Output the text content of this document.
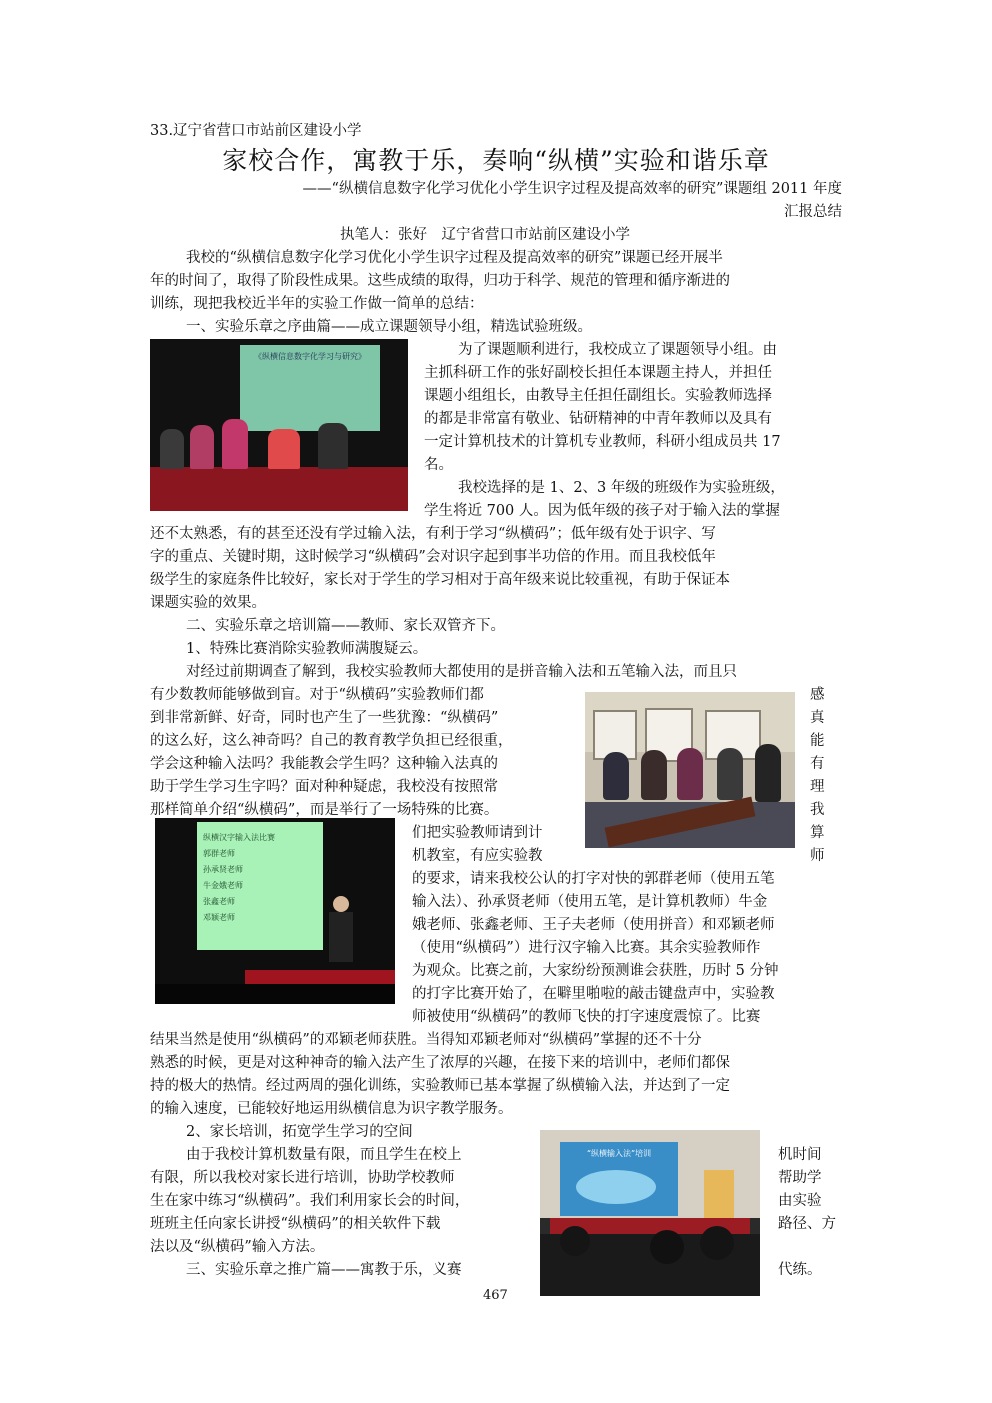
33.辽宁省营口市站前区建设小学
家校合作，寓教于乐，奏响“纵横”实验和谐乐章
——“纵横信息数字化学习优化小学生识字过程及提高效率的研究”课题组 2011 年度
汇报总结
执笔人：张好　辽宁省营口市站前区建设小学
我校的“纵横信息数字化学习优化小学生识字过程及提高效率的研究”课题已经开展半
年的时间了，取得了阶段性成果。这些成绩的取得，归功于科学、规范的管理和循序渐进的
训练，现把我校近半年的实验工作做一简单的总结：
一、实验乐章之序曲篇——成立课题领导小组，精选试验班级。
《纵横信息数字化学习与研究》	为了课题顺利进行，我校成立了课题领导小组。由
主抓科研工作的张好副校长担任本课题主持人，并担任
课题小组组长，由教导主任担任副组长。实验教师选择
的都是非常富有敬业、钻研精神的中青年教师以及具有
一定计算机技术的计算机专业教师，科研小组成员共 17
名。
我校选择的是 1、2、3 年级的班级作为实验班级，
学生将近 700 人。因为低年级的孩子对于输入法的掌握
还不太熟悉，有的甚至还没有学过输入法，有利于学习“纵横码”；低年级有处于识字、写
字的重点、关键时期，这时候学习“纵横码”会对识字起到事半功倍的作用。而且我校低年
级学生的家庭条件比较好，家长对于学生的学习相对于高年级来说比较重视，有助于保证本
课题实验的效果。
二、实验乐章之培训篇——教师、家长双管齐下。
1、特殊比赛消除实验教师满腹疑云。
对经过前期调查了解到，我校实验教师大都使用的是拼音输入法和五笔输入法，而且只
有少数教师能够做到盲。对于“纵横码”实验教师们都
到非常新鲜、好奇，同时也产生了一些犹豫：“纵横码”
的这么好，这么神奇吗？自己的教育教学负担已经很重，
学会这种输入法吗？我能教会学生吗？这种输入法真的
助于学生学习生字吗？面对种种疑虑，我校没有按照常
那样简单介绍“纵横码”，而是举行了一场特殊的比赛。
感
真
能
有
理
我
算
师
纵横汉字输入法比赛
郭群老师
孙承贤老师
牛金娥老师
张鑫老师
邓颖老师
们把实验教师请到计
机教室，有应实验教
的要求，请来我校公认的打字对快的郭群老师（使用五笔
输入法）、孙承贤老师（使用五笔，是计算机教师）牛金
娥老师、张鑫老师、王子夫老师（使用拼音）和邓颖老师
（使用“纵横码”）进行汉字输入比赛。其余实验教师作
为观众。比赛之前，大家纷纷预测谁会获胜，历时 5 分钟
的打字比赛开始了，在噼里啪啦的敲击键盘声中，实验教
师被使用“纵横码”的教师飞快的打字速度震惊了。比赛
结果当然是使用“纵横码”的邓颖老师获胜。当得知邓颖老师对“纵横码”掌握的还不十分
熟悉的时候，更是对这种神奇的输入法产生了浓厚的兴趣，在接下来的培训中，老师们都保
持的极大的热情。经过两周的强化训练，实验教师已基本掌握了纵横输入法，并达到了一定
的输入速度，已能较好地运用纵横信息为识字教学服务。
2、家长培训，拓宽学生学习的空间
由于我校计算机数量有限，而且学生在校上
有限，所以我校对家长进行培训，协助学校教师
生在家中练习“纵横码”。我们利用家长会的时间，
班班主任向家长讲授“纵横码”的相关软件下载
法以及“纵横码”输入方法。
机时间
帮助学
由实验
路径、方
三、实验乐章之推广篇——寓教于乐，义赛	代练。
“纵横输入法”培训
467
